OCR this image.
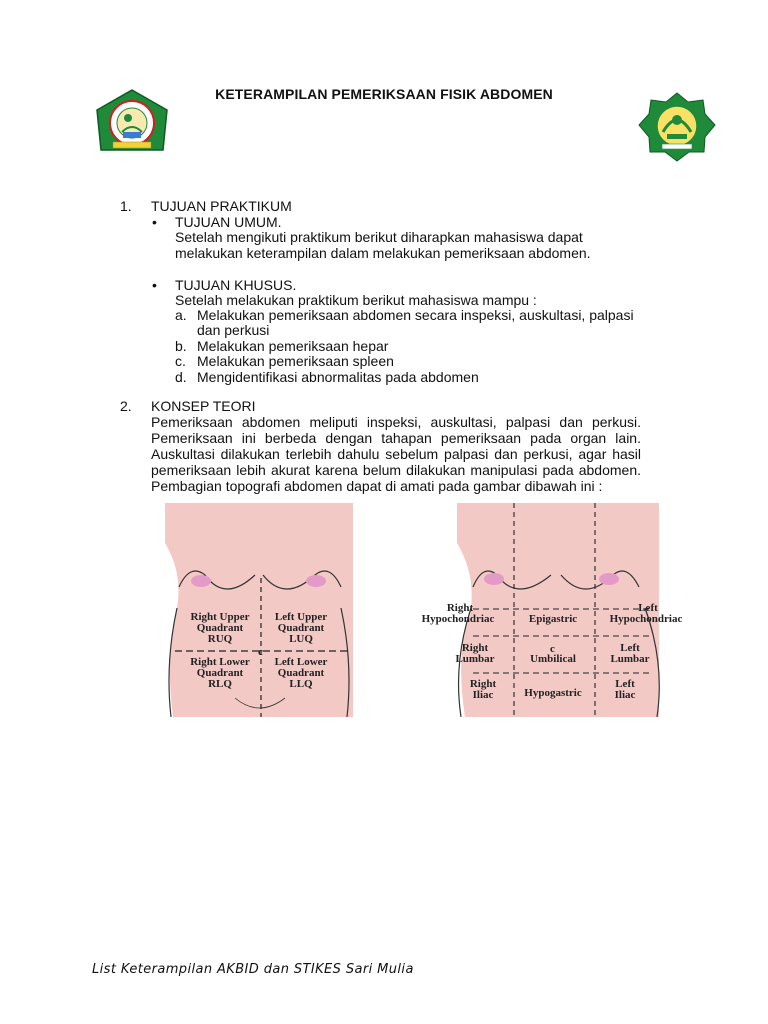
KETERAMPILAN PEMERIKSAAN FISIK ABDOMEN
1. TUJUAN PRAKTIKUM
• TUJUAN UMUM.
Setelah mengikuti praktikum berikut diharapkan mahasiswa dapat
melakukan keterampilan dalam melakukan pemeriksaan abdomen.
• TUJUAN KHUSUS.
Setelah melakukan praktikum berikut mahasiswa mampu :
a. Melakukan pemeriksaan abdomen secara inspeksi, auskultasi, palpasi
dan perkusi
b. Melakukan pemeriksaan hepar
c. Melakukan pemeriksaan spleen
d. Mengidentifikasi abnormalitas pada abdomen
2. KONSEP TEORI
Pemeriksaan abdomen meliputi inspeksi, auskultasi, palpasi dan perkusi.
Pemeriksaan ini berbeda dengan tahapan pemeriksaan pada organ lain.
Auskultasi dilakukan terlebih dahulu sebelum palpasi dan perkusi, agar hasil
pemeriksaan lebih akurat karena belum dilakukan manipulasi pada abdomen.
Pembagian topografi abdomen dapat di amati pada gambar dibawah ini :
Right Upper
Quadrant
RUQ
Left Upper
Quadrant
LUQ
Right Lower
Quadrant
RLQ
Left Lower
Quadrant
LLQ
c
Right
Hypochondriac	Epigastric
Left
Hypochondriac
Right
Lumbar
c
Umbilical
Left
Lumbar
Right
Iliac	Hypogastric
Left
Iliac
List Keterampilan AKBID dan STIKES Sari Mulia
